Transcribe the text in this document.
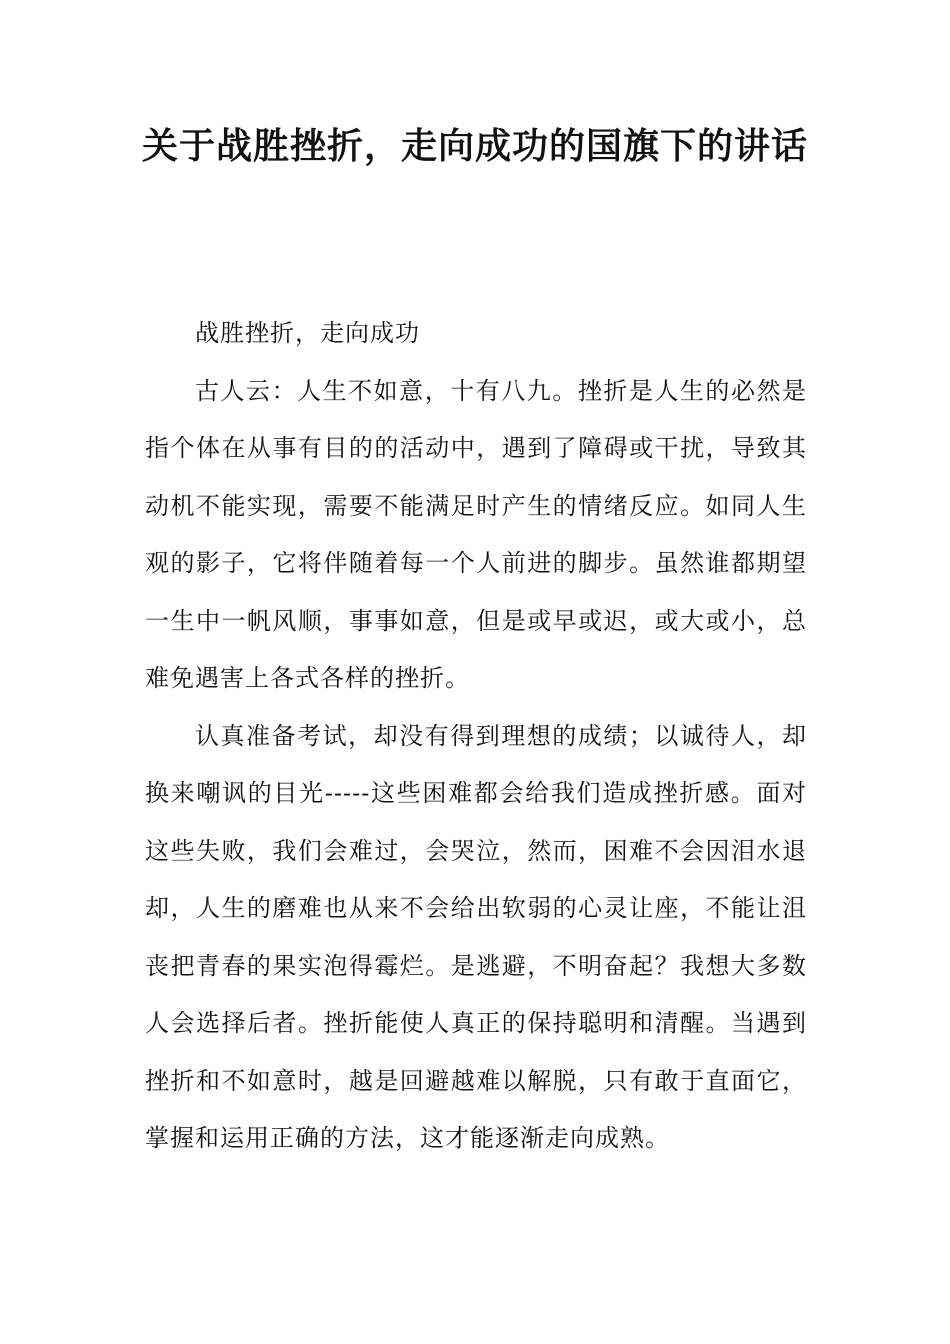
关于战胜挫折，走向成功的国旗下的讲话

战胜挫折，走向成功

古人云：人生不如意，十有八九。挫折是人生的必然是指个体在从事有目的的活动中，遇到了障碍或干扰，导致其动机不能实现，需要不能满足时产生的情绪反应。如同人生观的影子，它将伴随着每一个人前进的脚步。虽然谁都期望一生中一帆风顺，事事如意，但是或早或迟，或大或小，总难免遇害上各式各样的挫折。

认真准备考试，却没有得到理想的成绩；以诚待人，却换来嘲讽的目光-----这些困难都会给我们造成挫折感。面对这些失败，我们会难过，会哭泣，然而，困难不会因泪水退却，人生的磨难也从来不会给出软弱的心灵让座，不能让沮丧把青春的果实泡得霉烂。是逃避，不明奋起？我想大多数人会选择后者。挫折能使人真正的保持聪明和清醒。当遇到挫折和不如意时，越是回避越难以解脱，只有敢于直面它，掌握和运用正确的方法，这才能逐渐走向成熟。
